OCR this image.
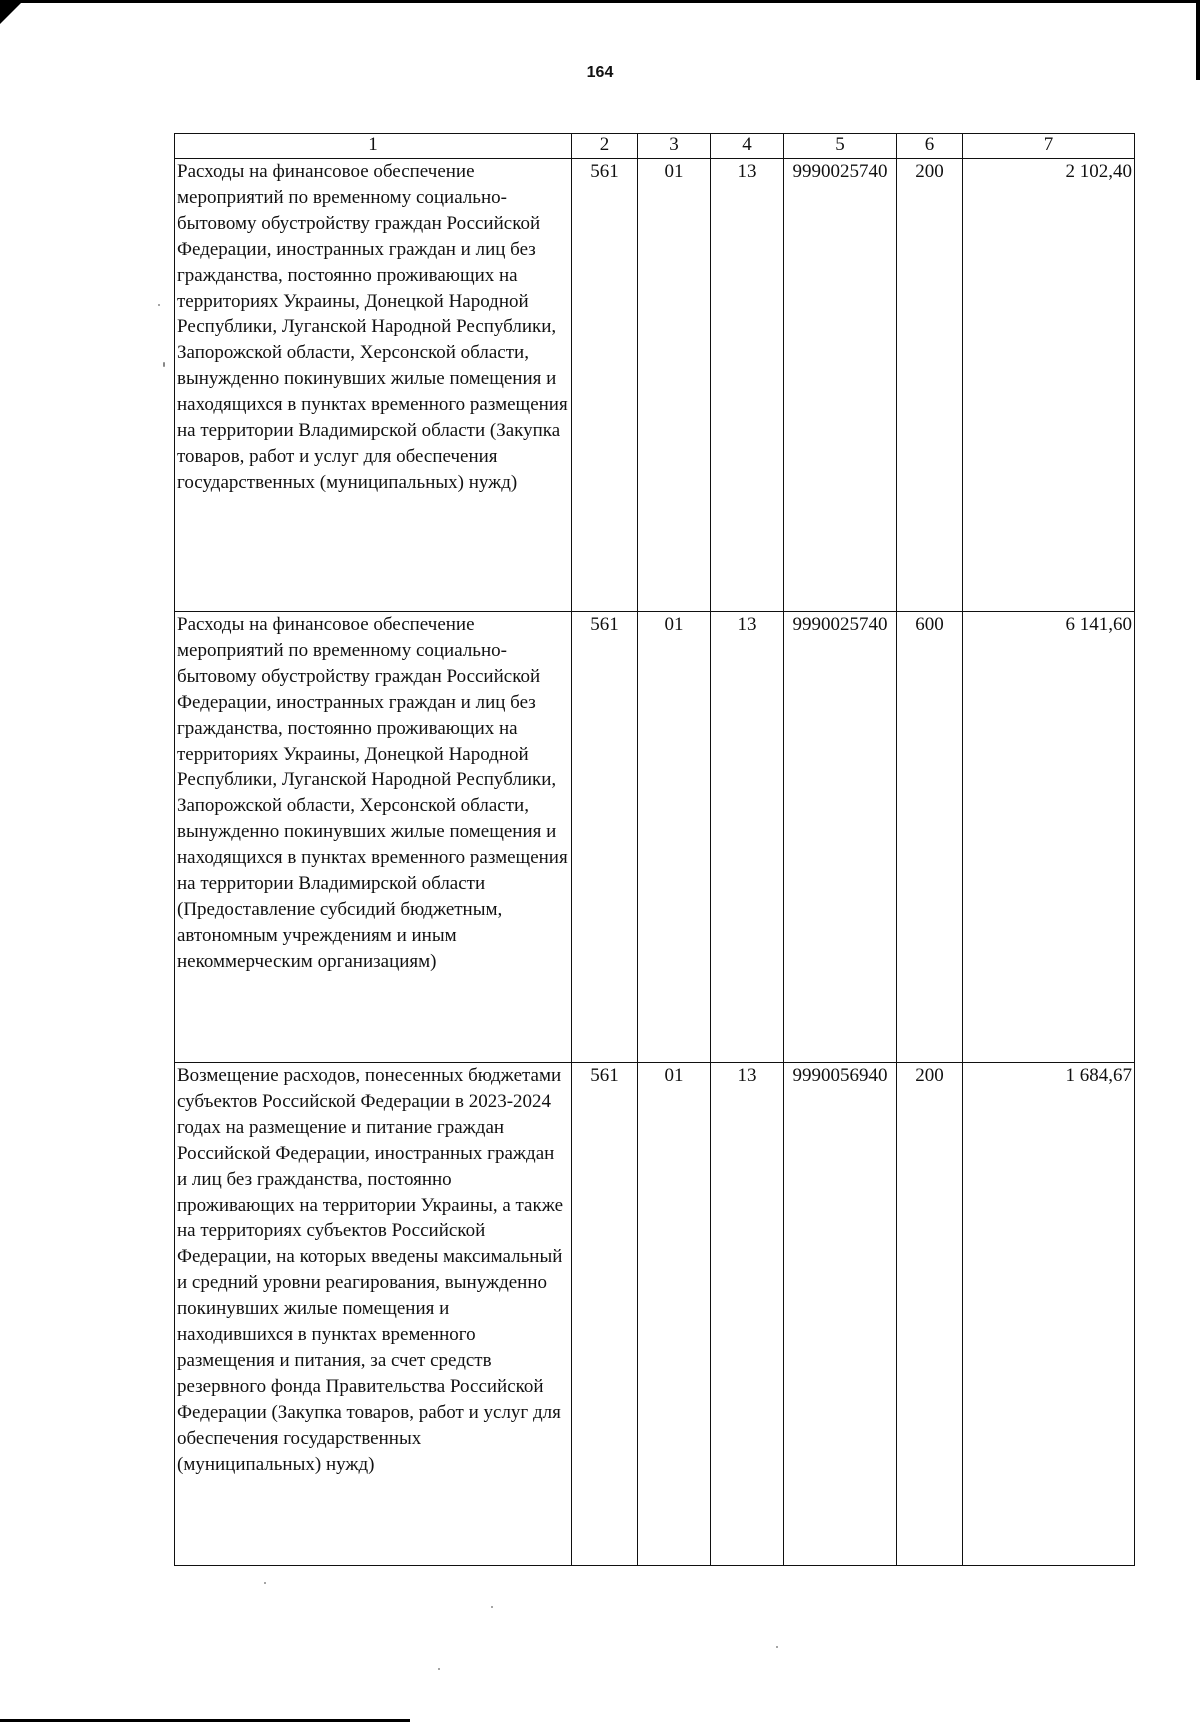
164
1	2	3	4	5	6	7
Расходы на финансовое обеспечение мероприятий по временному социально-бытовому обустройству граждан Российской Федерации, иностранных граждан и лиц без гражданства, постоянно проживающих на территориях Украины, Донецкой Народной Республики, Луганской Народной Республики, Запорожской области, Херсонской области, вынужденно покинувших жилые помещения и находящихся в пунктах временного размещения на территории Владимирской области (Закупка товаров, работ и услуг для обеспечения государственных (муниципальных) нужд)	561	01	13	9990025740	200	2 102,40
Расходы на финансовое обеспечение мероприятий по временному социально-бытовому обустройству граждан Российской Федерации, иностранных граждан и лиц без гражданства, постоянно проживающих на территориях Украины, Донецкой Народной Республики, Луганской Народной Республики, Запорожской области, Херсонской области, вынужденно покинувших жилые помещения и находящихся в пунктах временного размещения на территории Владимирской области (Предоставление субсидий бюджетным, автономным учреждениям и иным некоммерческим организациям)	561	01	13	9990025740	600	6 141,60
Возмещение расходов, понесенных бюджетами субъектов Российской Федерации в 2023-2024 годах на размещение и питание граждан Российской Федерации, иностранных граждан и лиц без гражданства, постоянно проживающих на территории Украины, а также на территориях субъектов Российской Федерации, на которых введены максимальный и средний уровни реагирования, вынужденно покинувших жилые помещения и находившихся в пунктах временного размещения и питания, за счет средств резервного фонда Правительства Российской Федерации (Закупка товаров, работ и услуг для обеспечения государственных (муниципальных) нужд)	561	01	13	9990056940	200	1 684,67
